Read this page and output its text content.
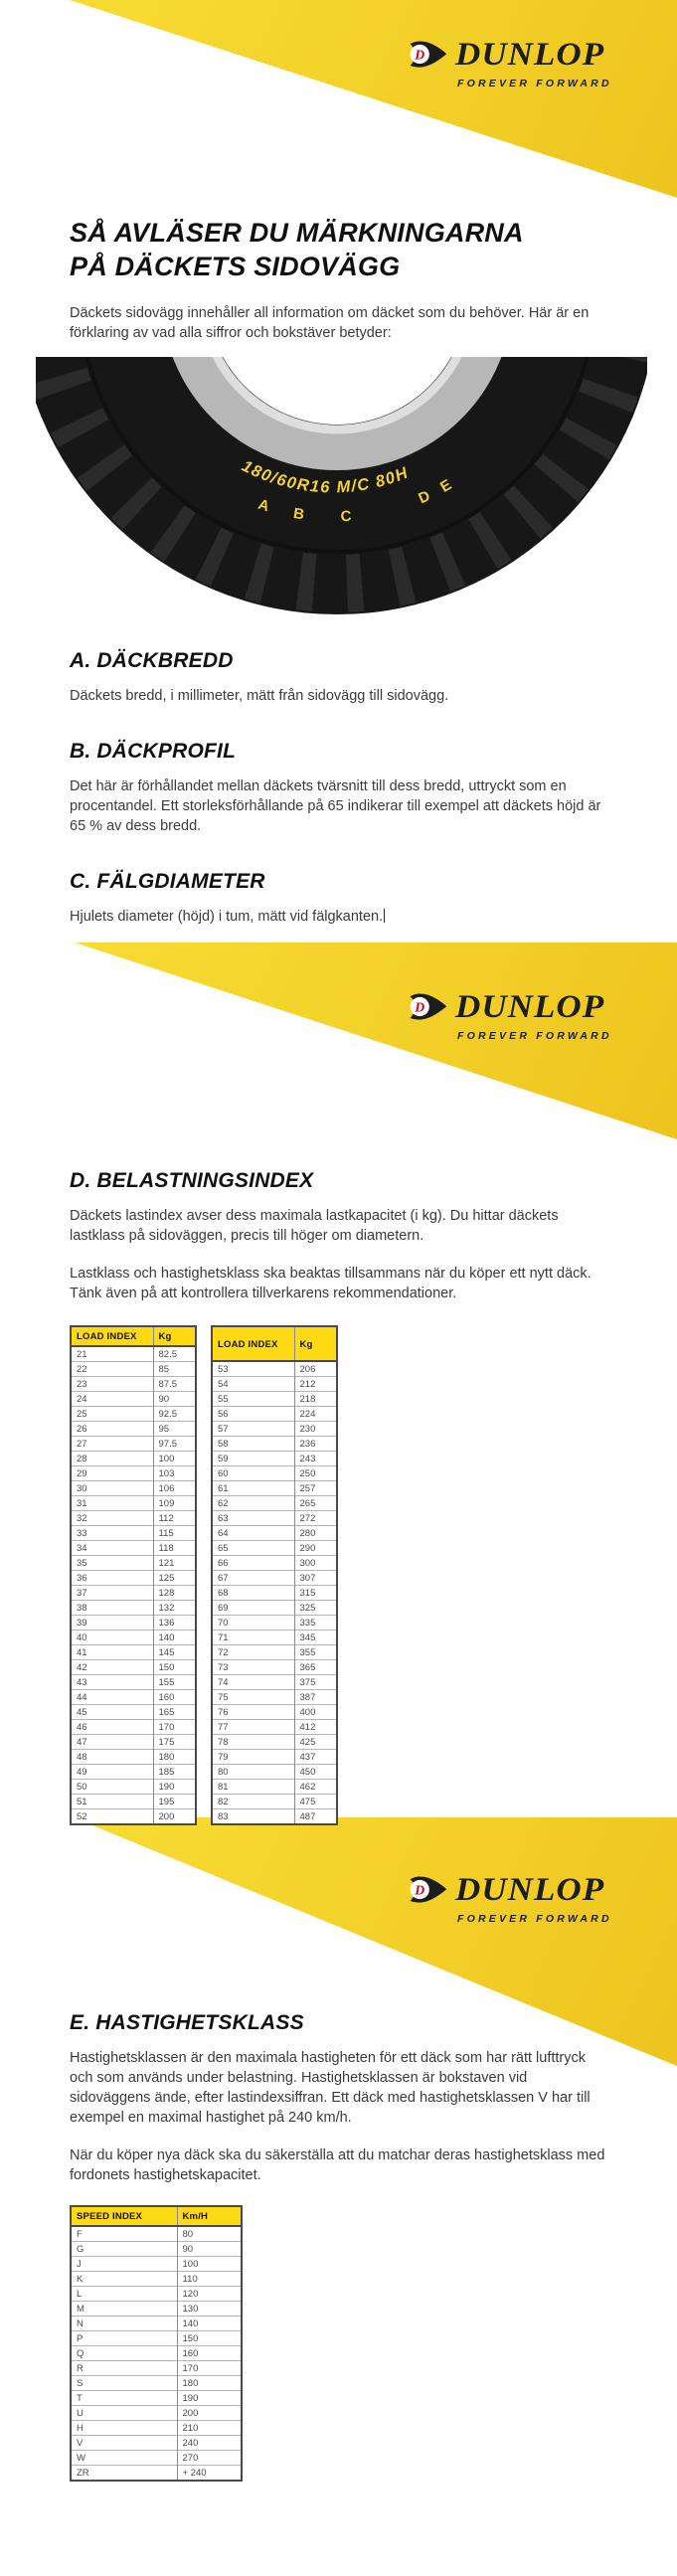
D DUNLOP
FOREVER FORWARD
SÅ AVLÄSER DU MÄRKNINGARNA
PÅ DÄCKETS SIDOVÄGG

Däckets sidovägg innehåller all information om däcket som du behöver. Här är en förklaring av vad alla siffror och bokstäver betyder:

180/60R16 M/C 80H
A B C
D
E
A. DÄCKBREDD

Däckets bredd, i millimeter, mätt från sidovägg till sidovägg.

B. DÄCKPROFIL

Det här är förhållandet mellan däckets tvärsnitt till dess bredd, uttryckt som en procentandel. Ett storleksförhållande på 65 indikerar till exempel att däckets höjd är 65 % av dess bredd.

C. FÄLGDIAMETER

Hjulets diameter (höjd) i tum, mätt vid fälgkanten.

D DUNLOP
FOREVER FORWARD
D. BELASTNINGSINDEX

Däckets lastindex avser dess maximala lastkapacitet (i kg). Du hittar däckets lastklass på sidoväggen, precis till höger om diametern.

Lastklass och hastighetsklass ska beaktas tillsammans när du köper ett nytt däck. Tänk även på att kontrollera tillverkarens rekommendationer.

LOAD INDEX	Kg
21	82.5
22	85
23	87.5
24	90
25	92.5
26	95
27	97.5
28	100
29	103
30	106
31	109
32	112
33	115
34	118
35	121
36	125
37	128
38	132
39	136
40	140
41	145
42	150
43	155
44	160
45	165
46	170
47	175
48	180
49	185
50	190
51	195
52	200
LOAD INDEX	Kg
53	206
54	212
55	218
56	224
57	230
58	236
59	243
60	250
61	257
62	265
63	272
64	280
65	290
66	300
67	307
68	315
69	325
70	335
71	345
72	355
73	365
74	375
75	387
76	400
77	412
78	425
79	437
80	450
81	462
82	475
83	487
D DUNLOP
FOREVER FORWARD
E. HASTIGHETSKLASS

Hastighetsklassen är den maximala hastigheten för ett däck som har rätt lufttryck och som används under belastning. Hastighetsklassen är bokstaven vid sidoväggens ände, efter lastindexsiffran. Ett däck med hastighetsklassen V har till exempel en maximal hastighet på 240 km/h.

När du köper nya däck ska du säkerställa att du matchar deras hastighetsklass med fordonets hastighetskapacitet.

SPEED INDEX	Km/H
F	80
G	90
J	100
K	110
L	120
M	130
N	140
P	150
Q	160
R	170
S	180
T	190
U	200
H	210
V	240
W	270
ZR	+ 240
